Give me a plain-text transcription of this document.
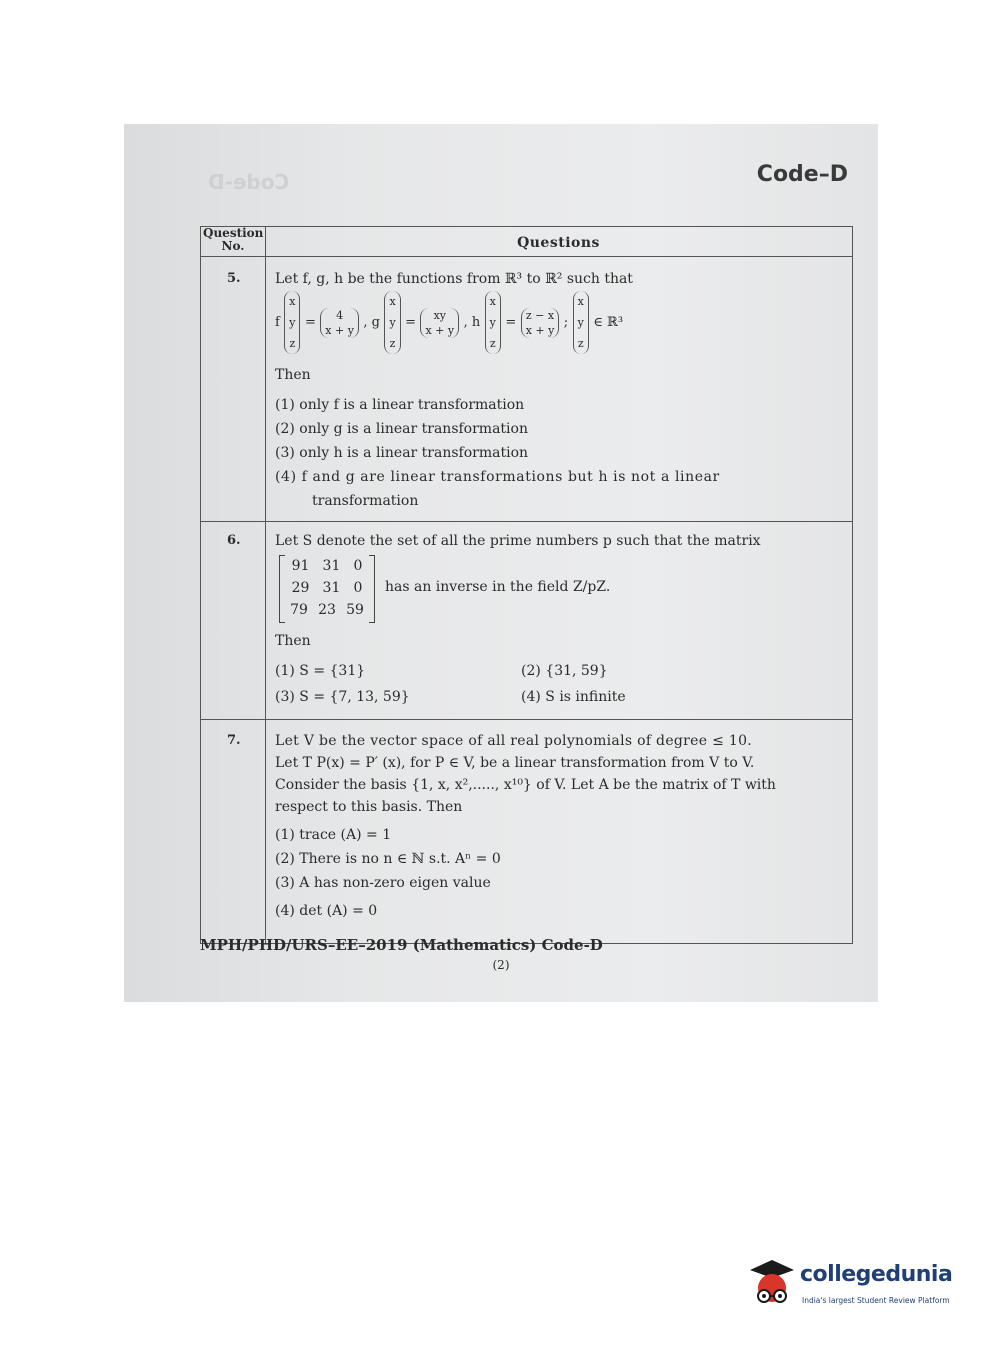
Code-D	Code–D
Question No.	Questions
5. Let f, g, h be the functions from ℝ³ to ℝ² such that
f x
y
z = 4
x + y , g x
y
z = xy
x + y , h x
y
z = z − x
x + y ; x
y
z ∈ ℝ³
Then
(1) only f is a linear transformation
(2) only g is a linear transformation
(3) only h is a linear transformation
(4) f and g are linear transformations but h is not a linear
transformation
6. Let S denote the set of all the prime numbers p such that the matrix
91 31 0
29 31 0
79 23 59
has an inverse in the field Z/pZ.
Then
(1) S = {31}	(2) {31, 59}
(3) S = {7, 13, 59}	(4) S is infinite
7. Let V be the vector space of all real polynomials of degree ≤ 10.
Let T P(x) = P′ (x), for P ∈ V, be a linear transformation from V to V.
Consider the basis {1, x, x²,....., x¹⁰} of V. Let A be the matrix of T with
respect to this basis. Then
(1) trace (A) = 1
(2) There is no n ∈ ℕ s.t. Aⁿ = 0
(3) A has non-zero eigen value
(4) det (A) = 0
MPH/PHD/URS–EE–2019 (Mathematics) Code-D
(2)
collegedunia
India's largest Student Review Platform
